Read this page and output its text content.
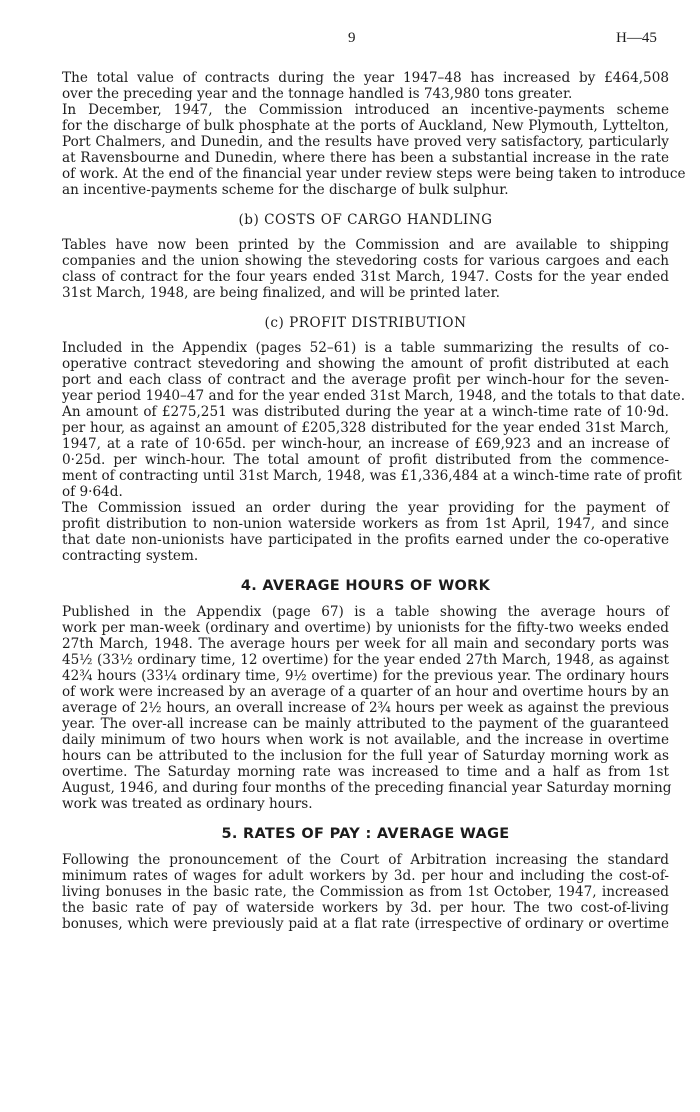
9	H—45
The total value of contracts during the year 1947–48 has increased by £464,508
over the preceding year and the tonnage handled is 743,980 tons greater.
In December, 1947, the Commission introduced an incentive-payments scheme
for the discharge of bulk phosphate at the ports of Auckland, New Plymouth, Lyttelton,
Port Chalmers, and Dunedin, and the results have proved very satisfactory, particularly
at Ravensbourne and Dunedin, where there has been a substantial increase in the rate
of work. At the end of the financial year under review steps were being taken to introduce
an incentive-payments scheme for the discharge of bulk sulphur.
(b) COSTS OF CARGO HANDLING
Tables have now been printed by the Commission and are available to shipping
companies and the union showing the stevedoring costs for various cargoes and each
class of contract for the four years ended 31st March, 1947. Costs for the year ended
31st March, 1948, are being finalized, and will be printed later.
(c) PROFIT DISTRIBUTION
Included in the Appendix (pages 52–61) is a table summarizing the results of co-
operative contract stevedoring and showing the amount of profit distributed at each
port and each class of contract and the average profit per winch-hour for the seven-
year period 1940–47 and for the year ended 31st March, 1948, and the totals to that date.
An amount of £275,251 was distributed during the year at a winch-time rate of 10·9d.
per hour, as against an amount of £205,328 distributed for the year ended 31st March,
1947, at a rate of 10·65d. per winch-hour, an increase of £69,923 and an increase of
0·25d. per winch-hour. The total amount of profit distributed from the commence-
ment of contracting until 31st March, 1948, was £1,336,484 at a winch-time rate of profit
of 9·64d.
The Commission issued an order during the year providing for the payment of
profit distribution to non-union waterside workers as from 1st April, 1947, and since
that date non-unionists have participated in the profits earned under the co-operative
contracting system.
4. AVERAGE HOURS OF WORK
Published in the Appendix (page 67) is a table showing the average hours of
work per man-week (ordinary and overtime) by unionists for the fifty-two weeks ended
27th March, 1948. The average hours per week for all main and secondary ports was
45½ (33½ ordinary time, 12 overtime) for the year ended 27th March, 1948, as against
42¾ hours (33¼ ordinary time, 9½ overtime) for the previous year. The ordinary hours
of work were increased by an average of a quarter of an hour and overtime hours by an
average of 2½ hours, an overall increase of 2¾ hours per week as against the previous
year. The over-all increase can be mainly attributed to the payment of the guaranteed
daily minimum of two hours when work is not available, and the increase in overtime
hours can be attributed to the inclusion for the full year of Saturday morning work as
overtime. The Saturday morning rate was increased to time and a half as from 1st
August, 1946, and during four months of the preceding financial year Saturday morning
work was treated as ordinary hours.
5. RATES OF PAY : AVERAGE WAGE
Following the pronouncement of the Court of Arbitration increasing the standard
minimum rates of wages for adult workers by 3d. per hour and including the cost-of-
living bonuses in the basic rate, the Commission as from 1st October, 1947, increased
the basic rate of pay of waterside workers by 3d. per hour. The two cost-of-living
bonuses, which were previously paid at a flat rate (irrespective of ordinary or overtime
